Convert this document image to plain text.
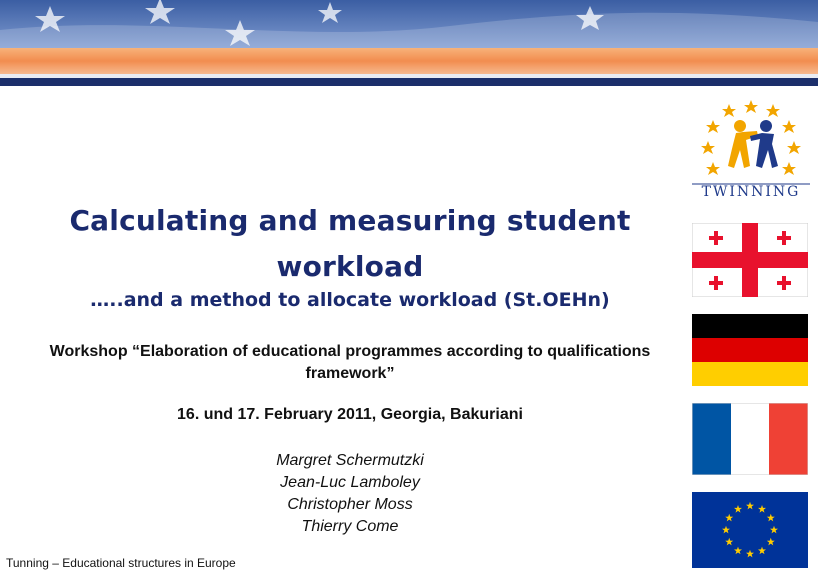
Calculating and measuring student
workload
…..and a method to allocate workload (St.OEHn)
Workshop “Elaboration of educational programmes according to qualifications
framework”
16. und 17. February 2011, Georgia, Bakuriani
Margret Schermutzki
Jean-Luc Lamboley
Christopher Moss
Thierry Come
Tunning – Educational structures in Europe
TWINNING
